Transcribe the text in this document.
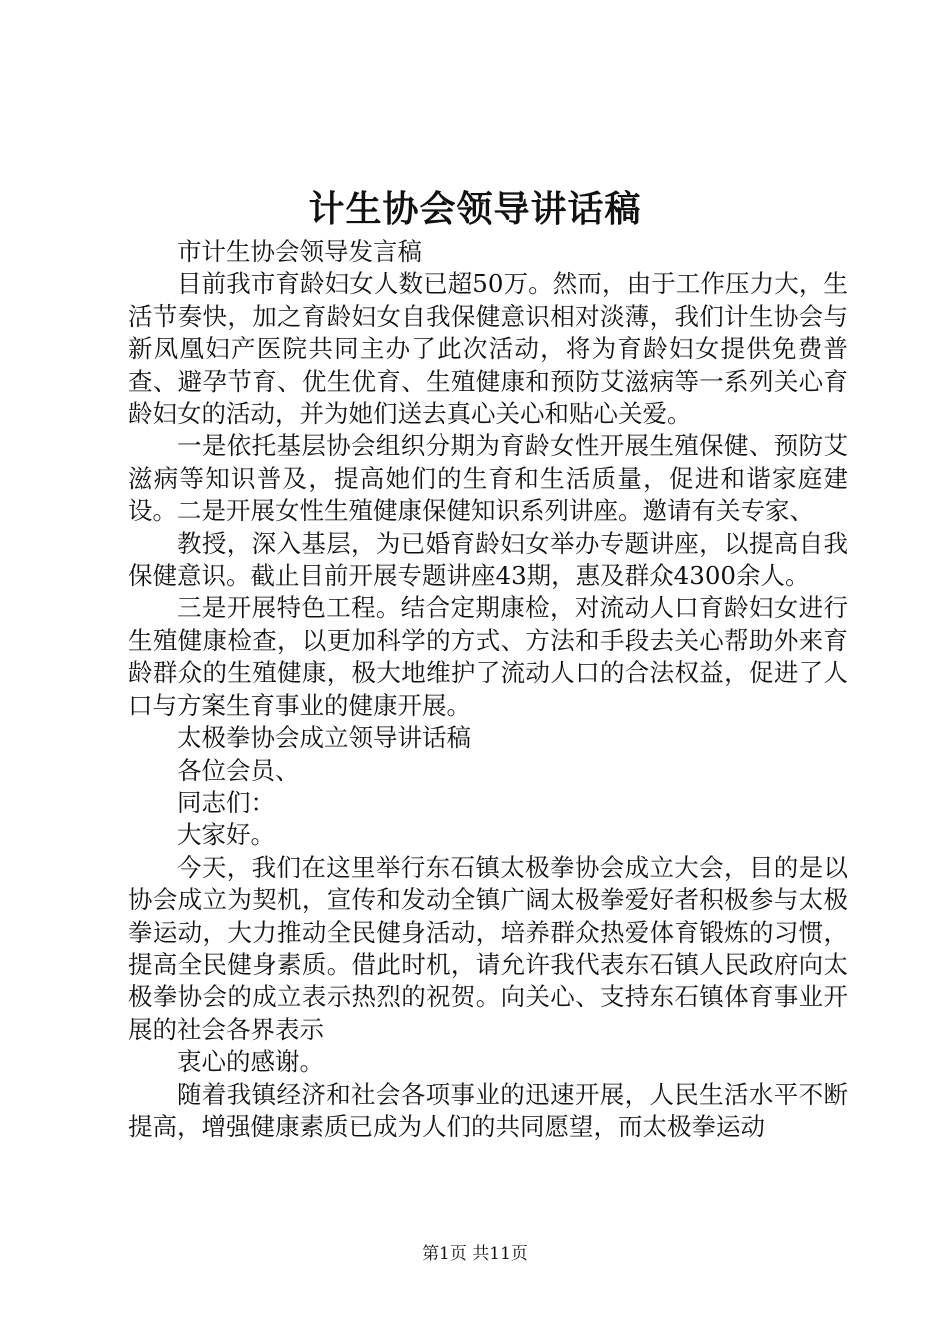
计生协会领导讲话稿

市计生协会领导发言稿

目前我市育龄妇女人数已超50万。然而，由于工作压力大，生活节奏快，加之育龄妇女自我保健意识相对淡薄，我们计生协会与新凤凰妇产医院共同主办了此次活动，将为育龄妇女提供免费普查、避孕节育、优生优育、生殖健康和预防艾滋病等一系列关心育龄妇女的活动，并为她们送去真心关心和贴心关爱。

一是依托基层协会组织分期为育龄女性开展生殖保健、预防艾滋病等知识普及，提高她们的生育和生活质量，促进和谐家庭建设。二是开展女性生殖健康保健知识系列讲座。邀请有关专家、

教授，深入基层，为已婚育龄妇女举办专题讲座，以提高自我保健意识。截止目前开展专题讲座43期，惠及群众4300余人。

三是开展特色工程。结合定期康检，对流动人口育龄妇女进行生殖健康检查，以更加科学的方式、方法和手段去关心帮助外来育龄群众的生殖健康，极大地维护了流动人口的合法权益，促进了人口与方案生育事业的健康开展。

太极拳协会成立领导讲话稿

各位会员、

同志们：

大家好。

今天，我们在这里举行东石镇太极拳协会成立大会，目的是以协会成立为契机，宣传和发动全镇广阔太极拳爱好者积极参与太极拳运动，大力推动全民健身活动，培养群众热爱体育锻炼的习惯，提高全民健身素质。借此时机，请允许我代表东石镇人民政府向太极拳协会的成立表示热烈的祝贺。向关心、支持东石镇体育事业开展的社会各界表示

衷心的感谢。

随着我镇经济和社会各项事业的迅速开展，人民生活水平不断提高，增强健康素质已成为人们的共同愿望，而太极拳运动

第1页 共11页
